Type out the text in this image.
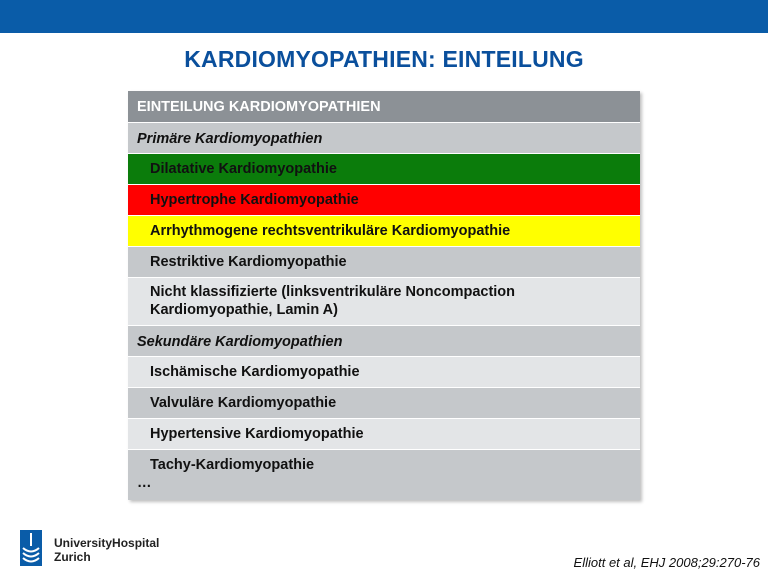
KARDIOMYOPATHIEN: EINTEILUNG
EINTEILUNG KARDIOMYOPATHIEN
Primäre Kardiomyopathien
Dilatative Kardiomyopathie
Hypertrophe Kardiomyopathie
Arrhythmogene rechtsventrikuläre Kardiomyopathie
Restriktive Kardiomyopathie
Nicht klassifizierte (linksventrikuläre Noncompaction Kardiomyopathie, Lamin A)
Sekundäre Kardiomyopathien
Ischämische Kardiomyopathie
Valvuläre Kardiomyopathie
Hypertensive Kardiomyopathie
Tachy-Kardiomyopathie
…
UniversityHospital
Zurich	Elliott et al, EHJ 2008;29:270-76
